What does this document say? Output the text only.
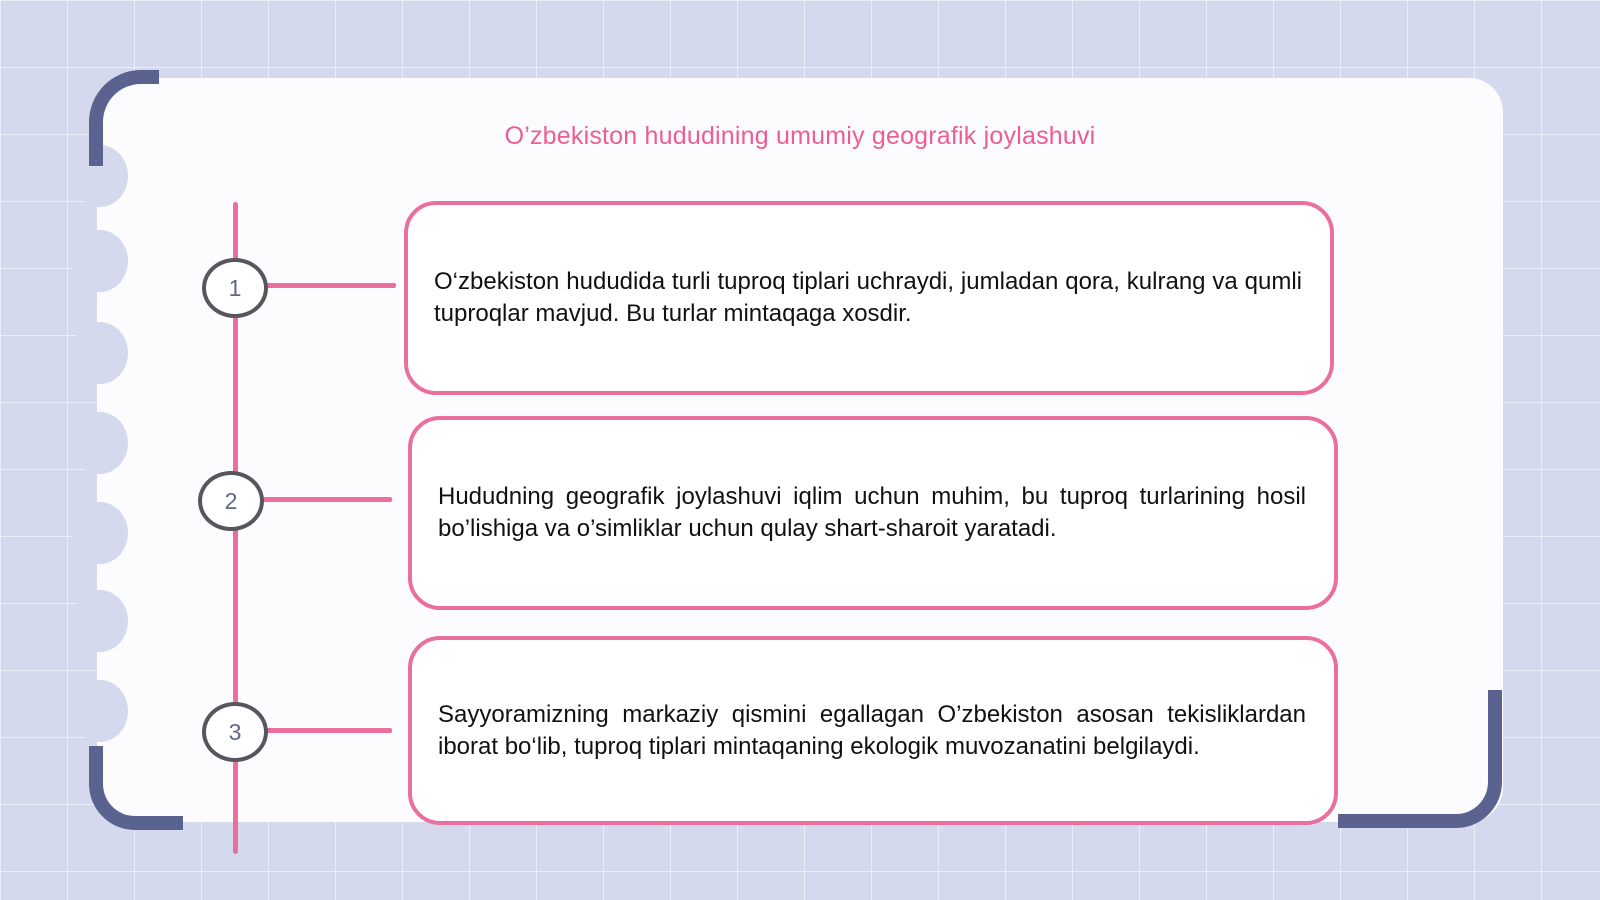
O’zbekiston hududining umumiy geografik joylashuvi
1
2
3

O‘zbekiston hududida turli tuproq tiplari uchraydi, jumladan qora, kulrang va qumli tuproqlar mavjud. Bu turlar mintaqaga xosdir.

Hududning geografik joylashuvi iqlim uchun muhim, bu tuproq turlarining hosil bo’lishiga va o’simliklar uchun qulay shart-sharoit yaratadi.

Sayyoramizning markaziy qismini egallagan O’zbekiston asosan tekisliklardan iborat bo‘lib, tuproq tiplari mintaqaning ekologik muvozanatini belgilaydi.
